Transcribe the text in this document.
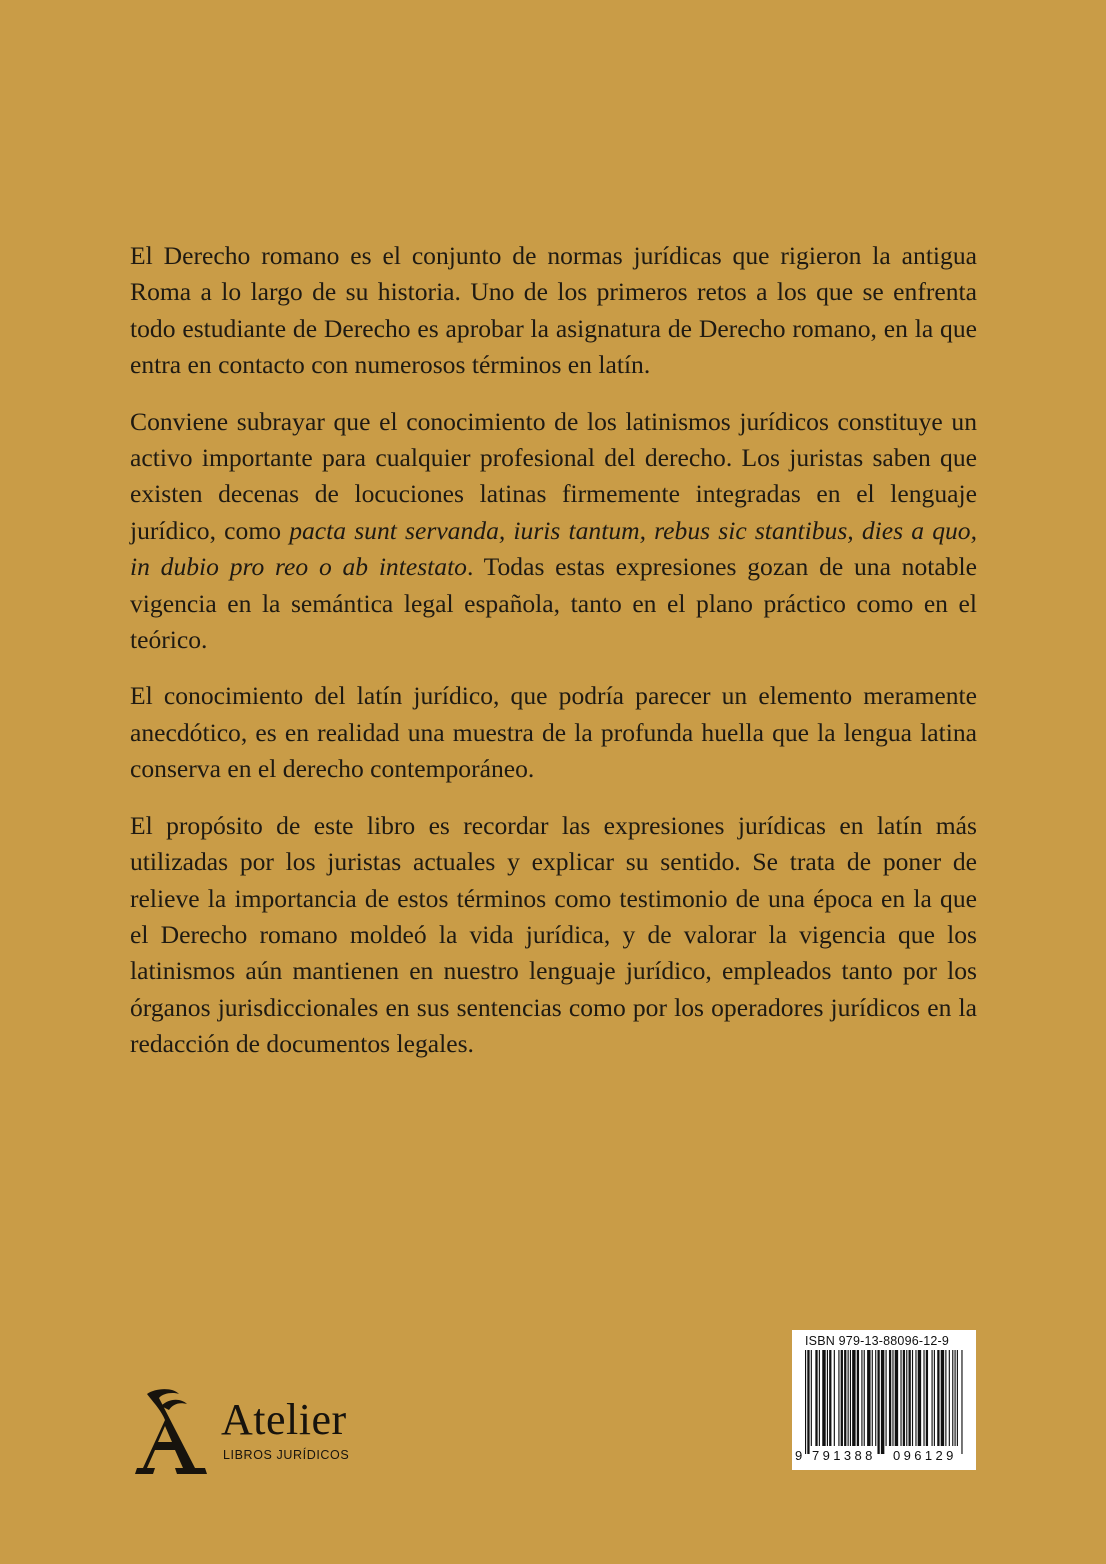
El Derecho romano es el conjunto de normas jurídicas que rigieron la antigua Roma a lo largo de su historia. Uno de los primeros retos a los que se enfrenta todo estudiante de Derecho es aprobar la asignatura de Derecho romano, en la que entra en contacto con numerosos términos en latín.

Conviene subrayar que el conocimiento de los latinismos jurídicos constituye un activo importante para cualquier profesional del derecho. Los juristas saben que existen decenas de locuciones latinas firmemente integradas en el lenguaje jurídico, como pacta sunt servanda, iuris tantum, rebus sic stantibus, dies a quo, in dubio pro reo o ab intestato. Todas estas expresiones gozan de una notable vigencia en la semántica legal española, tanto en el plano práctico como en el teórico.

El conocimiento del latín jurídico, que podría parecer un elemento meramente anecdótico, es en realidad una muestra de la profunda huella que la lengua latina conserva en el derecho contemporáneo.

El propósito de este libro es recordar las expresiones jurídicas en latín más utilizadas por los juristas actuales y explicar su sentido. Se trata de poner de relieve la importancia de estos términos como testimonio de una época en la que el Derecho romano moldeó la vida jurídica, y de valorar la vigencia que los latinismos aún mantienen en nuestro lenguaje jurídico, empleados tanto por los órganos jurisdiccionales en sus sentencias como por los operadores jurídicos en la redacción de documentos legales.

Atelier
LIBROS JURÍDICOS
ISBN 979-13-88096-12-9
9 791388 096129
